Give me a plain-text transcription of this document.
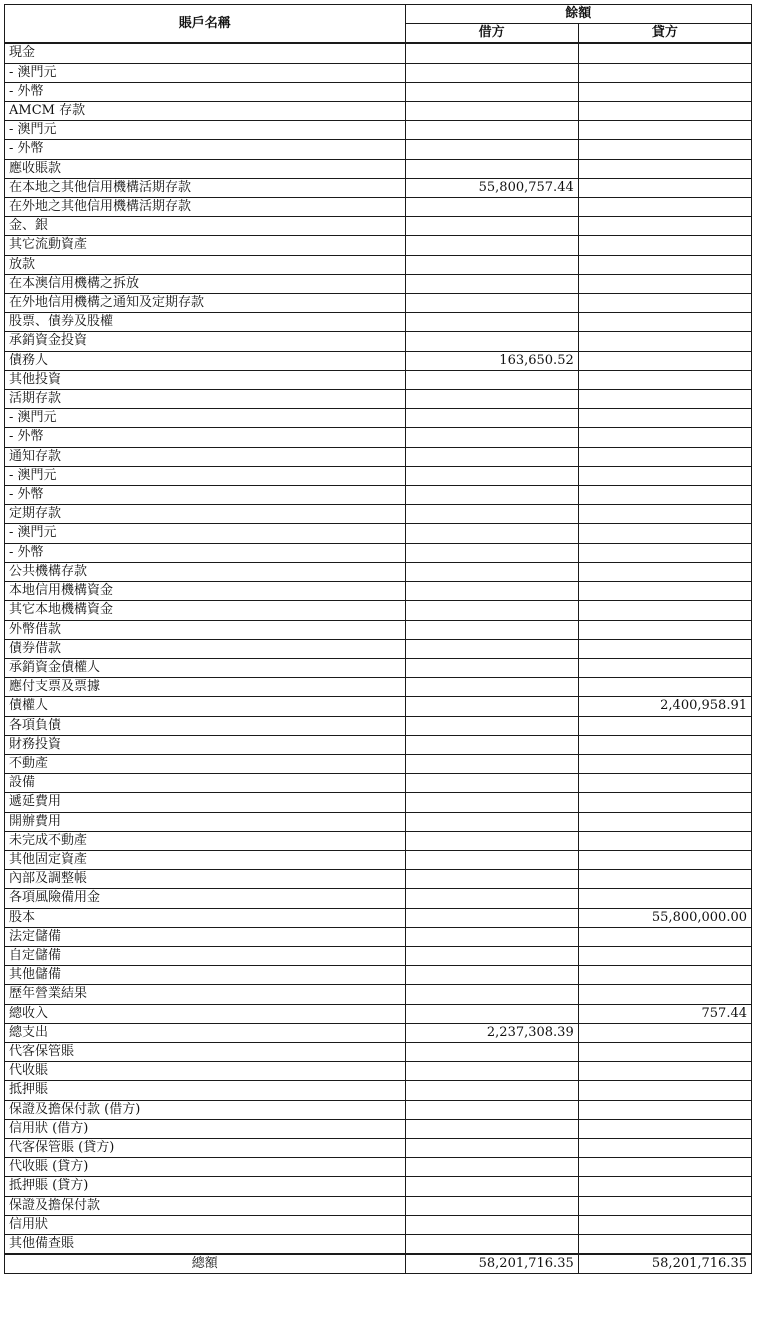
賬戶名稱	餘額	
	借方	貸方
現金		
- 澳門元		
- 外幣		
AMCM 存款		
- 澳門元		
- 外幣		
應收賬款		
在本地之其他信用機構活期存款	55,800,757.44	
在外地之其他信用機構活期存款		
金、銀		
其它流動資產		
放款		
在本澳信用機構之拆放		
在外地信用機構之通知及定期存款		
股票、債券及股權		
承銷資金投資		
債務人	163,650.52	
其他投資		
活期存款		
- 澳門元		
- 外幣		
通知存款		
- 澳門元		
- 外幣		
定期存款		
- 澳門元		
- 外幣		
公共機構存款		
本地信用機構資金		
其它本地機構資金		
外幣借款		
債券借款		
承銷資金債權人		
應付支票及票據		
債權人		2,400,958.91
各項負債		
財務投資		
不動產		
設備		
遞延費用		
開辦費用		
未完成不動產		
其他固定資產		
內部及調整帳		
各項風險備用金		
股本		55,800,000.00
法定儲備		
自定儲備		
其他儲備		
歷年營業結果		
總收入		757.44
總支出	2,237,308.39	
代客保管賬		
代收賬		
抵押賬		
保證及擔保付款 (借方)		
信用狀 (借方)		
代客保管賬 (貸方)		
代收賬 (貸方)		
抵押賬 (貸方)		
保證及擔保付款		
信用狀		
其他備查賬		
總額	58,201,716.35	58,201,716.35
